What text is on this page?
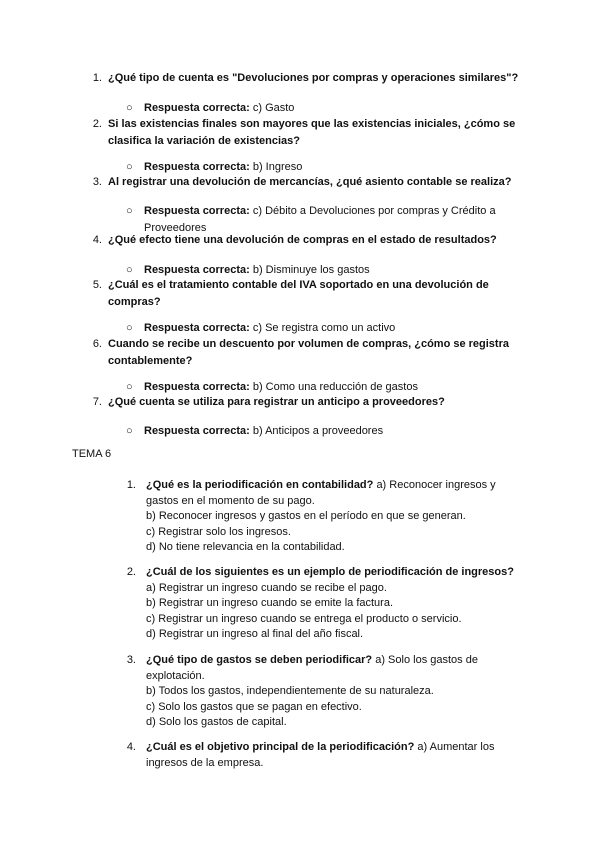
1. ¿Qué tipo de cuenta es "Devoluciones por compras y operaciones similares"?
○ Respuesta correcta: c) Gasto
2. Si las existencias finales son mayores que las existencias iniciales, ¿cómo se clasifica la variación de existencias?
○ Respuesta correcta: b) Ingreso
3. Al registrar una devolución de mercancías, ¿qué asiento contable se realiza?
○ Respuesta correcta: c) Débito a Devoluciones por compras y Crédito a Proveedores
4. ¿Qué efecto tiene una devolución de compras en el estado de resultados?
○ Respuesta correcta: b) Disminuye los gastos
5. ¿Cuál es el tratamiento contable del IVA soportado en una devolución de compras?
○ Respuesta correcta: c) Se registra como un activo
6. Cuando se recibe un descuento por volumen de compras, ¿cómo se registra contablemente?
○ Respuesta correcta: b) Como una reducción de gastos
7. ¿Qué cuenta se utiliza para registrar un anticipo a proveedores?
○ Respuesta correcta: b) Anticipos a proveedores
TEMA 6
1. ¿Qué es la periodificación en contabilidad? a) Reconocer ingresos y gastos en el momento de su pago.
b) Reconocer ingresos y gastos en el período en que se generan.
c) Registrar solo los ingresos.
d) No tiene relevancia en la contabilidad.
2. ¿Cuál de los siguientes es un ejemplo de periodificación de ingresos?
a) Registrar un ingreso cuando se recibe el pago.
b) Registrar un ingreso cuando se emite la factura.
c) Registrar un ingreso cuando se entrega el producto o servicio.
d) Registrar un ingreso al final del año fiscal.
3. ¿Qué tipo de gastos se deben periodificar? a) Solo los gastos de explotación.
b) Todos los gastos, independientemente de su naturaleza.
c) Solo los gastos que se pagan en efectivo.
d) Solo los gastos de capital.
4. ¿Cuál es el objetivo principal de la periodificación? a) Aumentar los ingresos de la empresa.
